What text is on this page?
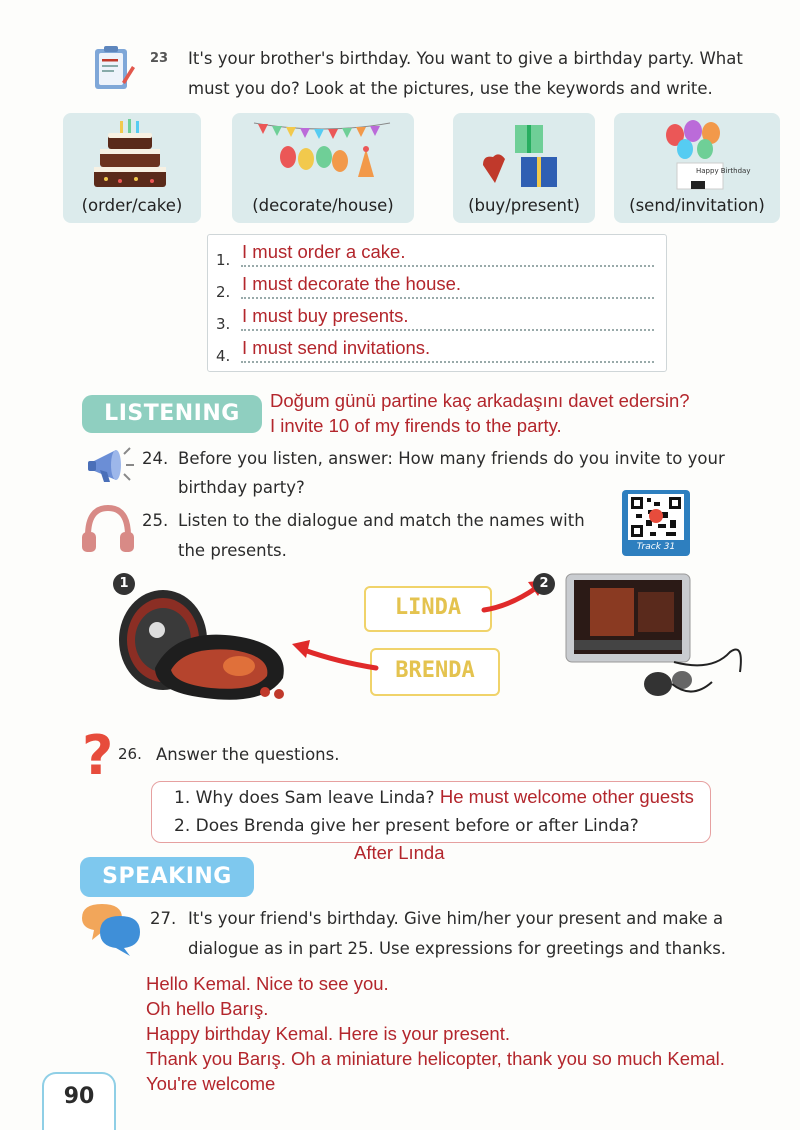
23 It's your brother's birthday. You want to give a birthday party. What
must you do? Look at the pictures, use the keywords and write.
(order/cake)	(decorate/house)	(buy/present)
Happy Birthday
(send/invitation)
1. I must order a cake.
2. I must decorate the house.
3. I must buy presents.
4. I must send invitations.
LISTENING
Doğum günü partine kaç arkadaşını davet edersin?
I invite 10 of my firends to the party.
24. Before you listen, answer: How many friends do you invite to your
birthday party?
25. Listen to the dialogue and match the names with
the presents.	Track 31
1
LINDA
BRENDA
2
? 26. Answer the questions.
1. Why does Sam leave Linda? He must welcome other guests
2. Does Brenda give her present before or after Linda?
After Lında
SPEAKING
27. It's your friend's birthday. Give him/her your present and make a
dialogue as in part 25. Use expressions for greetings and thanks.
Hello Kemal. Nice to see you.
Oh hello Barış.
Happy birthday Kemal. Here is your present.
Thank you Barış. Oh a miniature helicopter, thank you so much Kemal.
You're welcome
90
